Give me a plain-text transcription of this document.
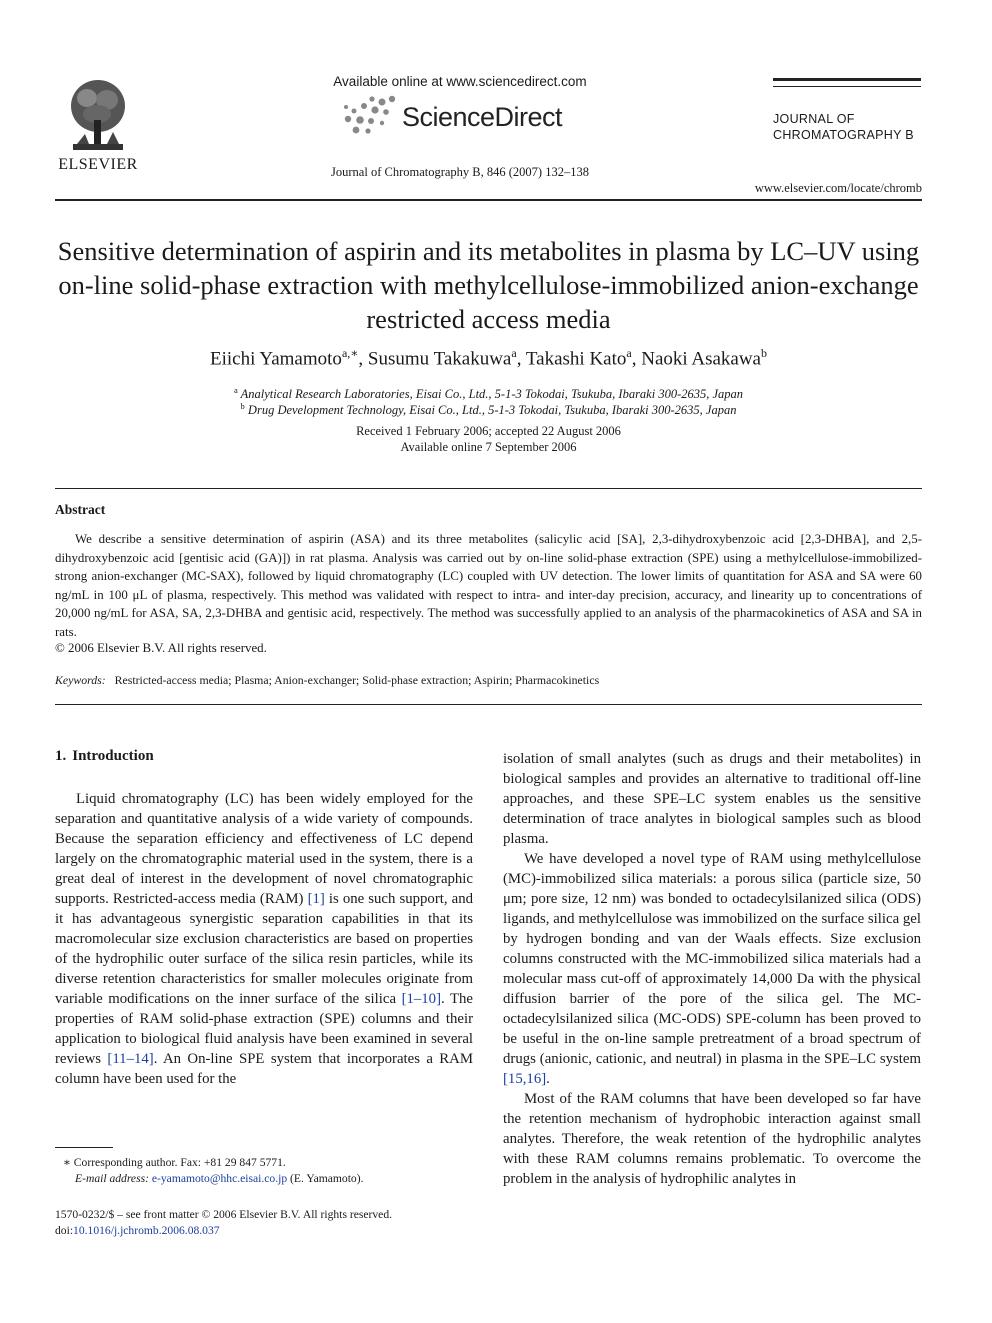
ELSEVIER
Available online at www.sciencedirect.com
ScienceDirect
Journal of Chromatography B, 846 (2007) 132–138
JOURNAL OF
CHROMATOGRAPHY B
www.elsevier.com/locate/chromb
Sensitive determination of aspirin and its metabolites in plasma by LC–UV using on-line solid-phase extraction with methylcellulose-immobilized anion-exchange restricted access media
Eiichi Yamamoto$^{a,∗}$, Susumu Takakuwa$^a$, Takashi Kato$^a$, Naoki Asakawa$^b$
$^a$ Analytical Research Laboratories, Eisai Co., Ltd., 5-1-3 Tokodai, Tsukuba, Ibaraki 300-2635, Japan
$^b$ Drug Development Technology, Eisai Co., Ltd., 5-1-3 Tokodai, Tsukuba, Ibaraki 300-2635, Japan
Received 1 February 2006; accepted 22 August 2006
Available online 7 September 2006
Abstract

We describe a sensitive determination of aspirin (ASA) and its three metabolites (salicylic acid [SA], 2,3-dihydroxybenzoic acid [2,3-DHBA], and 2,5-dihydroxybenzoic acid [gentisic acid (GA)]) in rat plasma. Analysis was carried out by on-line solid-phase extraction (SPE) using a methylcellulose-immobilized-strong anion-exchanger (MC-SAX), followed by liquid chromatography (LC) coupled with UV detection. The lower limits of quantitation for ASA and SA were 60 ng/mL in 100 μL of plasma, respectively. This method was validated with respect to intra- and inter-day precision, accuracy, and linearity up to concentrations of 20,000 ng/mL for ASA, SA, 2,3-DHBA and gentisic acid, respectively. The method was successfully applied to an analysis of the pharmacokinetics of ASA and SA in rats.

© 2006 Elsevier B.V. All rights reserved.
Keywords: Restricted-access media; Plasma; Anion-exchanger; Solid-phase extraction; Aspirin; Pharmacokinetics
1. Introduction

Liquid chromatography (LC) has been widely employed for the separation and quantitative analysis of a wide variety of compounds. Because the separation efficiency and effectiveness of LC depend largely on the chromatographic material used in the system, there is a great deal of interest in the development of novel chromatographic supports. Restricted-access media (RAM) [1] is one such support, and it has advantageous synergistic separation capabilities in that its macromolecular size exclusion characteristics are based on properties of the hydrophilic outer surface of the silica resin particles, while its diverse retention characteristics for smaller molecules originate from variable modifications on the inner surface of the silica [1–10]. The properties of RAM solid-phase extraction (SPE) columns and their application to biological fluid analysis have been examined in several reviews [11–14]. An On-line SPE system that incorporates a RAM column have been used for the

isolation of small analytes (such as drugs and their metabolites) in biological samples and provides an alternative to traditional off-line approaches, and these SPE–LC system enables us the sensitive determination of trace analytes in biological samples such as blood plasma.

We have developed a novel type of RAM using methylcellulose (MC)-immobilized silica materials: a porous silica (particle size, 50 μm; pore size, 12 nm) was bonded to octadecylsilanized silica (ODS) ligands, and methylcellulose was immobilized on the surface silica gel by hydrogen bonding and van der Waals effects. Size exclusion columns constructed with the MC-immobilized silica materials had a molecular mass cut-off of approximately 14,000 Da with the physical diffusion barrier of the pore of the silica gel. The MC-octadecylsilanized silica (MC-ODS) SPE-column has been proved to be useful in the on-line sample pretreatment of a broad spectrum of drugs (anionic, cationic, and neutral) in plasma in the SPE–LC system [15,16].

Most of the RAM columns that have been developed so far have the retention mechanism of hydrophobic interaction against small analytes. Therefore, the weak retention of the hydrophilic analytes with these RAM columns remains problematic. To overcome the problem in the analysis of hydrophilic analytes in

∗ Corresponding author. Fax: +81 29 847 5771.
E-mail address: e-yamamoto@hhc.eisai.co.jp (E. Yamamoto).
1570-0232/$ – see front matter © 2006 Elsevier B.V. All rights reserved.
doi:10.1016/j.jchromb.2006.08.037
